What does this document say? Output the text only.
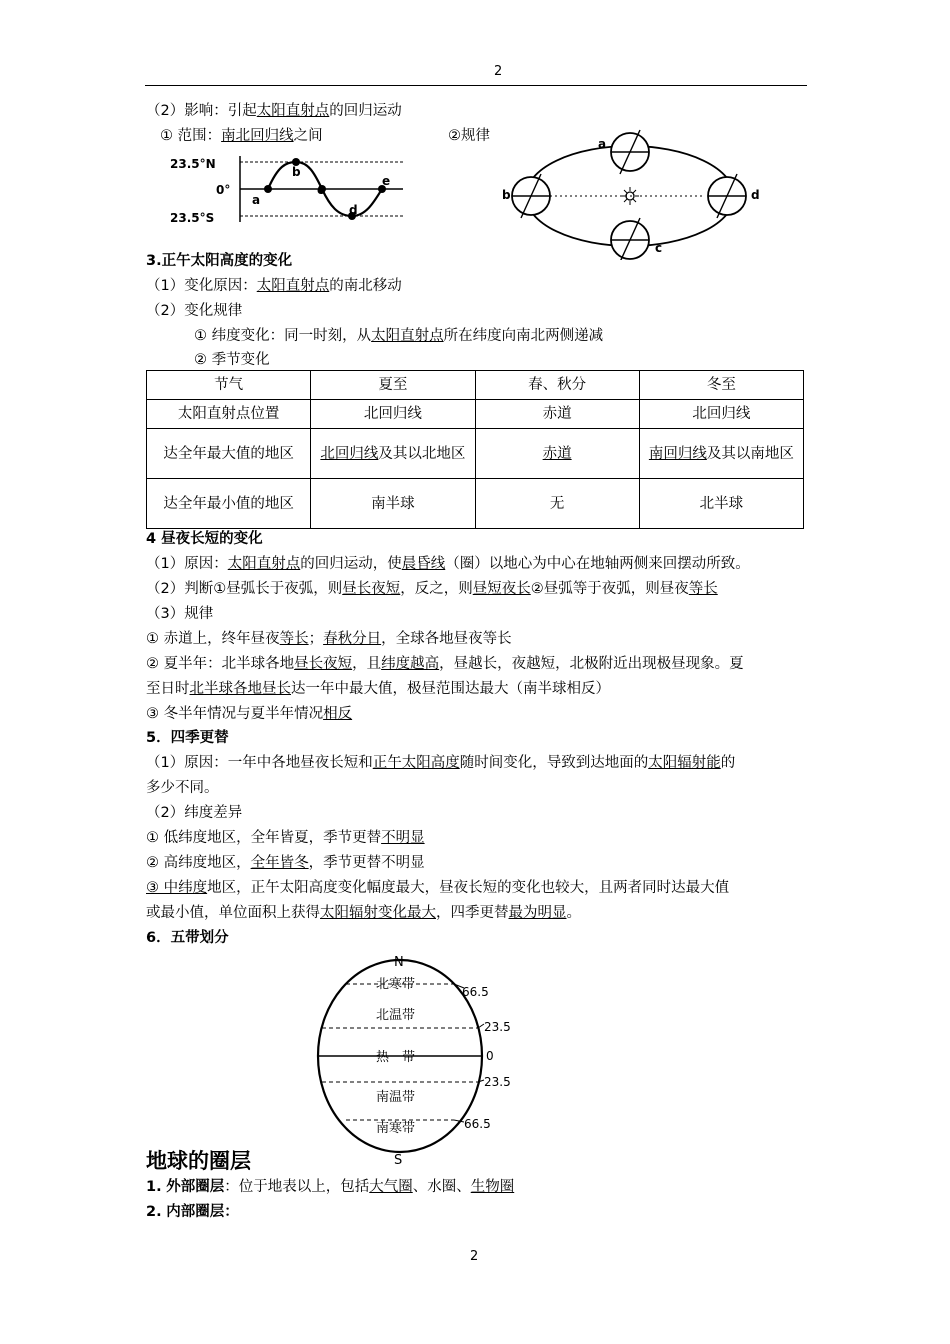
2
（2）影响：引起太阳直射点的回归运动
① 范围：南北回归线之间	②规律
23.5°N
0°
23.5°S
a
b
c
d
e
a
b
c
d
3.正午太阳高度的变化
（1）变化原因：太阳直射点的南北移动
（2）变化规律
① 纬度变化：同一时刻，从太阳直射点所在纬度向南北两侧递减
② 季节变化
节气	夏至	春、秋分	冬至
太阳直射点位置	北回归线	赤道	北回归线
达全年最大值的地区	北回归线及其以北地区	赤道	南回归线及其以南地区
达全年最小值的地区	南半球	无	北半球
4 昼夜长短的变化
（1）原因：太阳直射点的回归运动，使晨昏线（圈）以地心为中心在地轴两侧来回摆动所致。
（2）判断①昼弧长于夜弧，则昼长夜短，反之，则昼短夜长②昼弧等于夜弧，则昼夜等长
（3）规律
① 赤道上，终年昼夜等长；春秋分日，全球各地昼夜等长
② 夏半年：北半球各地昼长夜短，且纬度越高，昼越长，夜越短，北极附近出现极昼现象。夏
至日时北半球各地昼长达一年中最大值，极昼范围达最大（南半球相反）
③ 冬半年情况与夏半年情况相反
5．四季更替
（1）原因：一年中各地昼夜长短和正午太阳高度随时间变化，导致到达地面的太阳辐射能的
多少不同。
（2）纬度差异
① 低纬度地区，全年皆夏，季节更替不明显
② 高纬度地区，全年皆冬，季节更替不明显
③ 中纬度地区，正午太阳高度变化幅度最大，昼夜长短的变化也较大，且两者同时达最大值
或最小值，单位面积上获得太阳辐射变化最大，四季更替最为明显。
6．五带划分
N
S
北寒带
北温带
热　带
南温带
南寒带
66.5
23.5
0
23.5
66.5
地球的圈层
1. 外部圈层：位于地表以上，包括大气圈、水圈、生物圈
2. 内部圈层：
2
